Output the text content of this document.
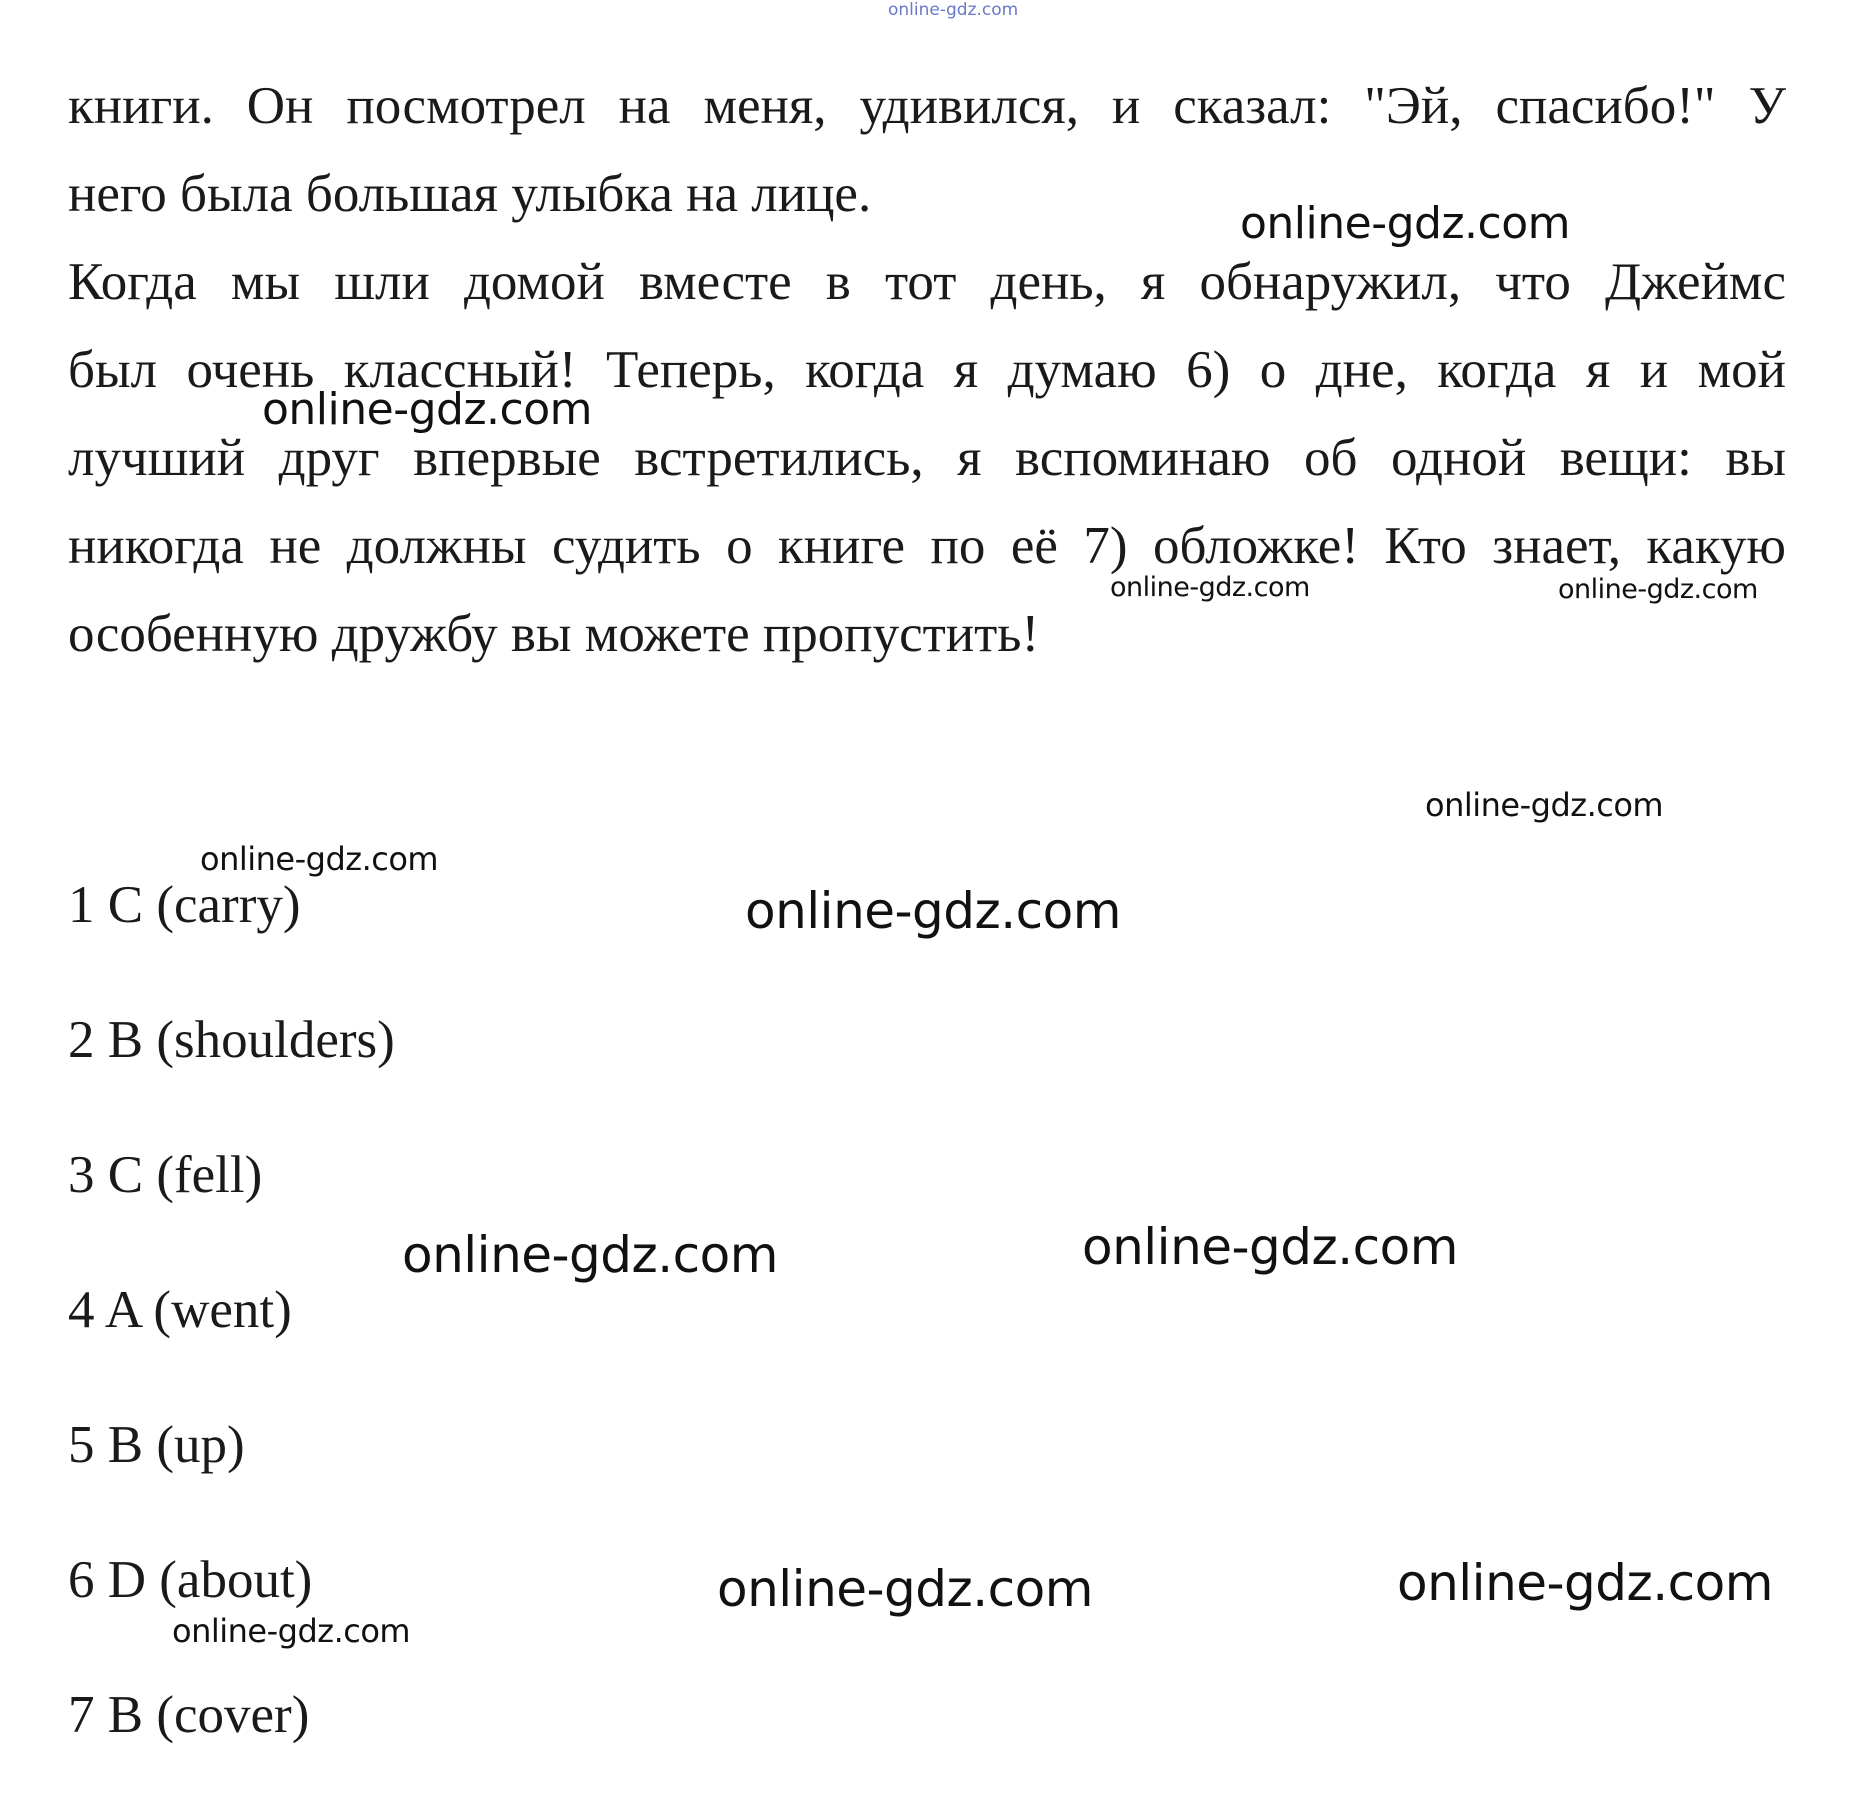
online-gdz.com
книги. Он посмотрел на меня, удивился, и сказал: "Эй, спасибо!" У
него была большая улыбка на лице.
Когда мы шли домой вместе в тот день, я обнаружил, что Джеймс
был очень классный! Теперь, когда я думаю 6) о дне, когда я и мой
лучший друг впервые встретились, я вспоминаю об одной вещи: вы
никогда не должны судить о книге по её 7) обложке! Кто знает, какую
особенную дружбу вы можете пропустить!
1 C (carry)
2 B (shoulders)
3 C (fell)
4 A (went)
5 B (up)
6 D (about)
7 B (cover)
online-gdz.com
online-gdz.com
online-gdz.com	online-gdz.com
online-gdz.com
online-gdz.com
online-gdz.com
online-gdz.com	online-gdz.com
online-gdz.com	online-gdz.com
online-gdz.com
